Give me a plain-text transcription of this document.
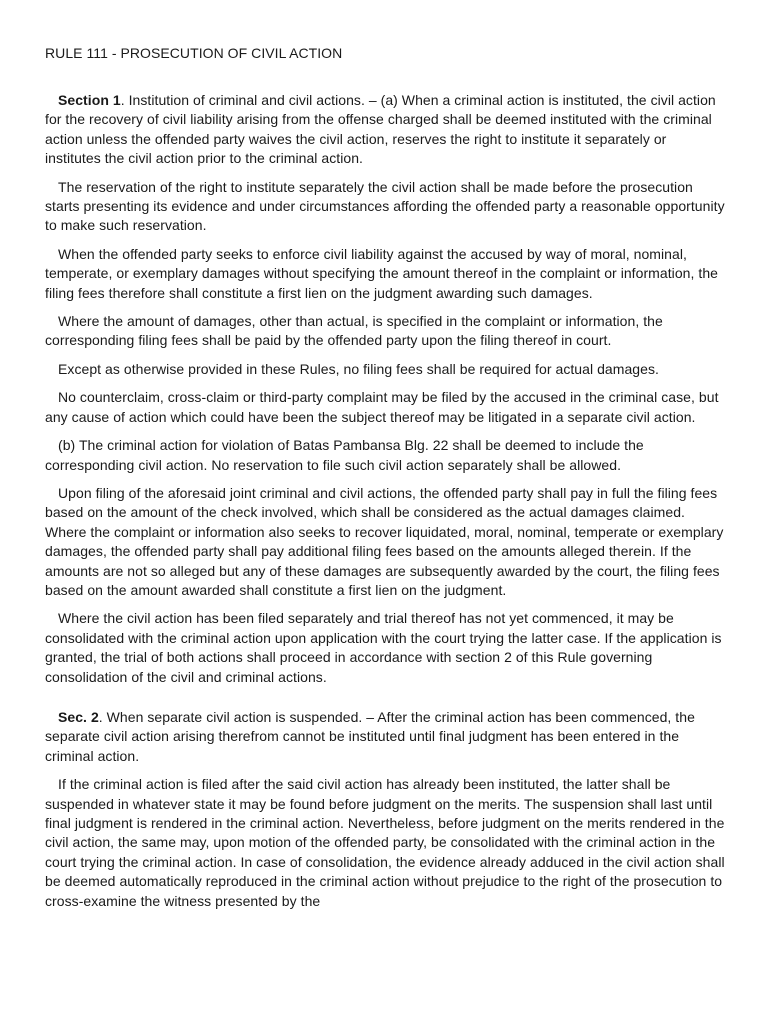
RULE 111 - PROSECUTION OF CIVIL ACTION

Section 1. Institution of criminal and civil actions. – (a) When a criminal action is instituted, the civil action for the recovery of civil liability arising from the offense charged shall be deemed instituted with the criminal action unless the offended party waives the civil action, reserves the right to institute it separately or institutes the civil action prior to the criminal action.

The reservation of the right to institute separately the civil action shall be made before the prosecution starts presenting its evidence and under circumstances affording the offended party a reasonable opportunity to make such reservation.

When the offended party seeks to enforce civil liability against the accused by way of moral, nominal, temperate, or exemplary damages without specifying the amount thereof in the complaint or information, the filing fees therefore shall constitute a first lien on the judgment awarding such damages.

Where the amount of damages, other than actual, is specified in the complaint or information, the corresponding filing fees shall be paid by the offended party upon the filing thereof in court.

Except as otherwise provided in these Rules, no filing fees shall be required for actual damages.

No counterclaim, cross-claim or third-party complaint may be filed by the accused in the criminal case, but any cause of action which could have been the subject thereof may be litigated in a separate civil action.

(b) The criminal action for violation of Batas Pambansa Blg. 22 shall be deemed to include the corresponding civil action. No reservation to file such civil action separately shall be allowed.

Upon filing of the aforesaid joint criminal and civil actions, the offended party shall pay in full the filing fees based on the amount of the check involved, which shall be considered as the actual damages claimed. Where the complaint or information also seeks to recover liquidated, moral, nominal, temperate or exemplary damages, the offended party shall pay additional filing fees based on the amounts alleged therein. If the amounts are not so alleged but any of these damages are subsequently awarded by the court, the filing fees based on the amount awarded shall constitute a first lien on the judgment.

Where the civil action has been filed separately and trial thereof has not yet commenced, it may be consolidated with the criminal action upon application with the court trying the latter case. If the application is granted, the trial of both actions shall proceed in accordance with section 2 of this Rule governing consolidation of the civil and criminal actions.

Sec. 2. When separate civil action is suspended. – After the criminal action has been commenced, the separate civil action arising therefrom cannot be instituted until final judgment has been entered in the criminal action.

If the criminal action is filed after the said civil action has already been instituted, the latter shall be suspended in whatever state it may be found before judgment on the merits. The suspension shall last until final judgment is rendered in the criminal action. Nevertheless, before judgment on the merits rendered in the civil action, the same may, upon motion of the offended party, be consolidated with the criminal action in the court trying the criminal action. In case of consolidation, the evidence already adduced in the civil action shall be deemed automatically reproduced in the criminal action without prejudice to the right of the prosecution to cross-examine the witness presented by the
